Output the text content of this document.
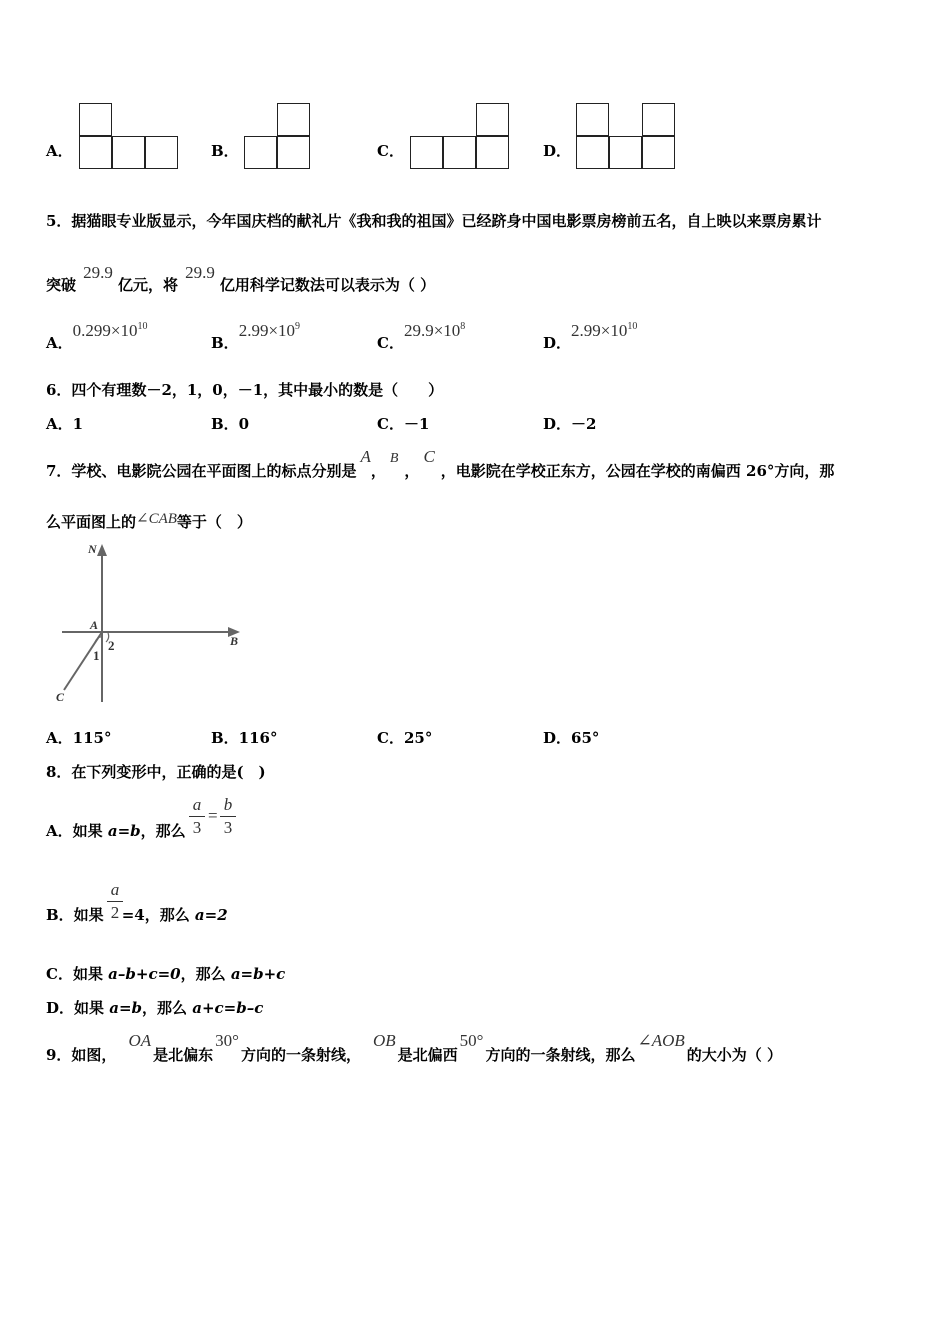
A．	B．	C．	D．
5．据猫眼专业版显示，今年国庆档的献礼片《我和我的祖国》已经跻身中国电影票房榜前五名，自上映以来票房累计
突破 29.9 亿元，将 29.9 亿用科学记数法可以表示为（ ）
A．$0.299\times 10^{10}$
B．$2.99\times 10^9$
C．$29.9\times 10^8$
D．$2.99\times 10^{10}$
6．四个有理数－2，1，0，－1，其中最小的数是（　　）
A．1	B．0	C．－1	D．－2
7．学校、电影院公园在平面图上的标点分别是A，B，C，电影院在学校正东方，公园在学校的南偏西 26°方向，那
么平面图上的∠CAB等于（　）
N
A
B
C
1
2
A．115°	B．116°	C．25°	D．65°
8．在下列变形中，正确的是(　)
A．如果 a=b，那么
a
3
=
b
3
B．如果 =4，那么 a=2
a
2
C．如果 a–b+c=0，那么 a=b+c
D．如果 a=b，那么 a+c=b–c
9．如图，OA是北偏东30°方向的一条射线，OB是北偏西50°方向的一条射线，那么∠AOB的大小为（ ）
